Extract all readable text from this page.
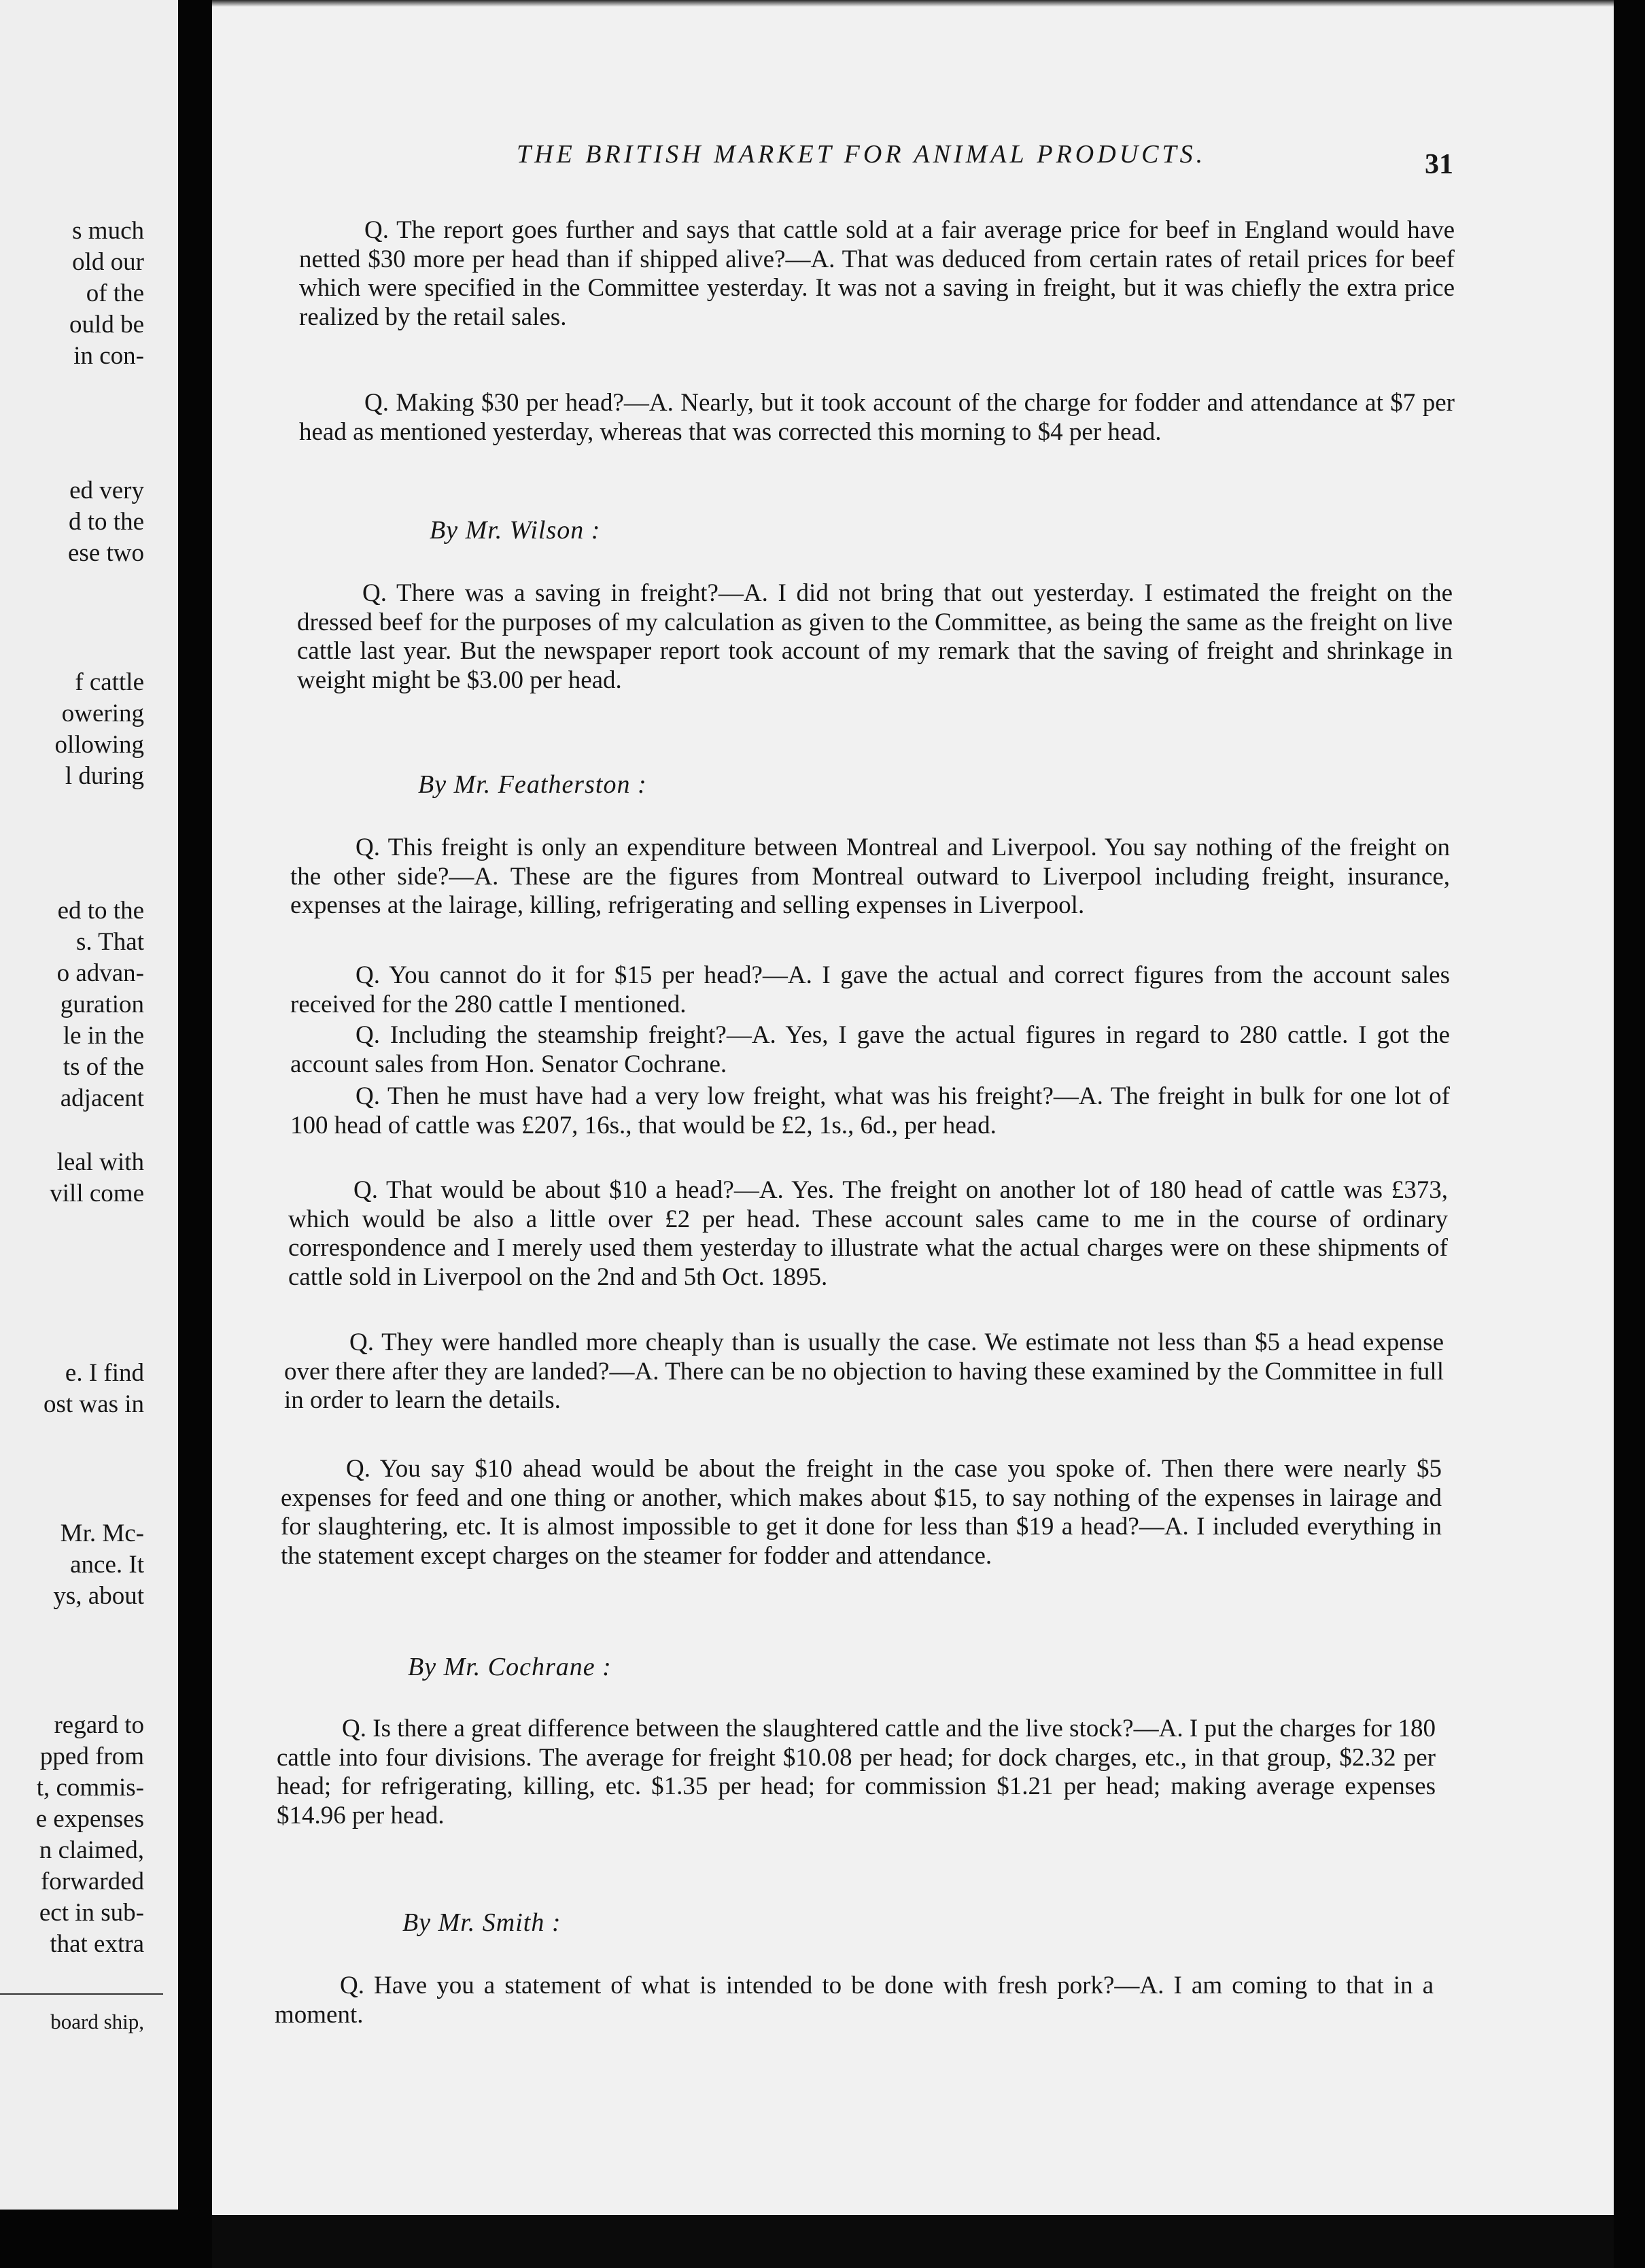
s much
old our
of the
ould be
in con-
ed very
d to the
ese two
f cattle
owering
ollowing
l during
ed to the
s. That
o advan-
guration
le in the
ts of the
adjacent
leal with
vill come
e. I find
ost was in
Mr. Mc-
ance. It
ys, about
regard to
pped from
t, commis-
e expenses
n claimed,
forwarded
ect in sub-
that extra
board ship,
THE BRITISH MARKET FOR ANIMAL PRODUCTS.	31

Q. The report goes further and says that cattle sold at a fair average price for beef in England would have netted $30 more per head than if shipped alive?—A. That was deduced from certain rates of retail prices for beef which were specified in the Committee yesterday. It was not a saving in freight, but it was chiefly the extra price realized by the retail sales.

Q. Making $30 per head?—A. Nearly, but it took account of the charge for fodder and attendance at $7 per head as mentioned yesterday, whereas that was corrected this morning to $4 per head.

By Mr. Wilson :

Q. There was a saving in freight?—A. I did not bring that out yesterday. I estimated the freight on the dressed beef for the purposes of my calculation as given to the Committee, as being the same as the freight on live cattle last year. But the newspaper report took account of my remark that the saving of freight and shrinkage in weight might be $3.00 per head.

By Mr. Featherston :

Q. This freight is only an expenditure between Montreal and Liverpool. You say nothing of the freight on the other side?—A. These are the figures from Montreal outward to Liverpool including freight, insurance, expenses at the lairage, killing, refrigerating and selling expenses in Liverpool.

Q. You cannot do it for $15 per head?—A. I gave the actual and correct figures from the account sales received for the 280 cattle I mentioned.

Q. Including the steamship freight?—A. Yes, I gave the actual figures in regard to 280 cattle. I got the account sales from Hon. Senator Cochrane.

Q. Then he must have had a very low freight, what was his freight?—A. The freight in bulk for one lot of 100 head of cattle was £207, 16s., that would be £2, 1s., 6d., per head.

Q. That would be about $10 a head?—A. Yes. The freight on another lot of 180 head of cattle was £373, which would be also a little over £2 per head. These account sales came to me in the course of ordinary correspondence and I merely used them yesterday to illustrate what the actual charges were on these shipments of cattle sold in Liverpool on the 2nd and 5th Oct. 1895.

Q. They were handled more cheaply than is usually the case. We estimate not less than $5 a head expense over there after they are landed?—A. There can be no objection to having these examined by the Committee in full in order to learn the details.

Q. You say $10 ahead would be about the freight in the case you spoke of. Then there were nearly $5 expenses for feed and one thing or another, which makes about $15, to say nothing of the expenses in lairage and for slaughtering, etc. It is almost impossible to get it done for less than $19 a head?—A. I included everything in the statement except charges on the steamer for fodder and attendance.

By Mr. Cochrane :

Q. Is there a great difference between the slaughtered cattle and the live stock?—A. I put the charges for 180 cattle into four divisions. The average for freight $10.08 per head; for dock charges, etc., in that group, $2.32 per head; for refrigerating, killing, etc. $1.35 per head; for commission $1.21 per head; making average expenses $14.96 per head.

By Mr. Smith :

Q. Have you a statement of what is intended to be done with fresh pork?—A. I am coming to that in a moment.
